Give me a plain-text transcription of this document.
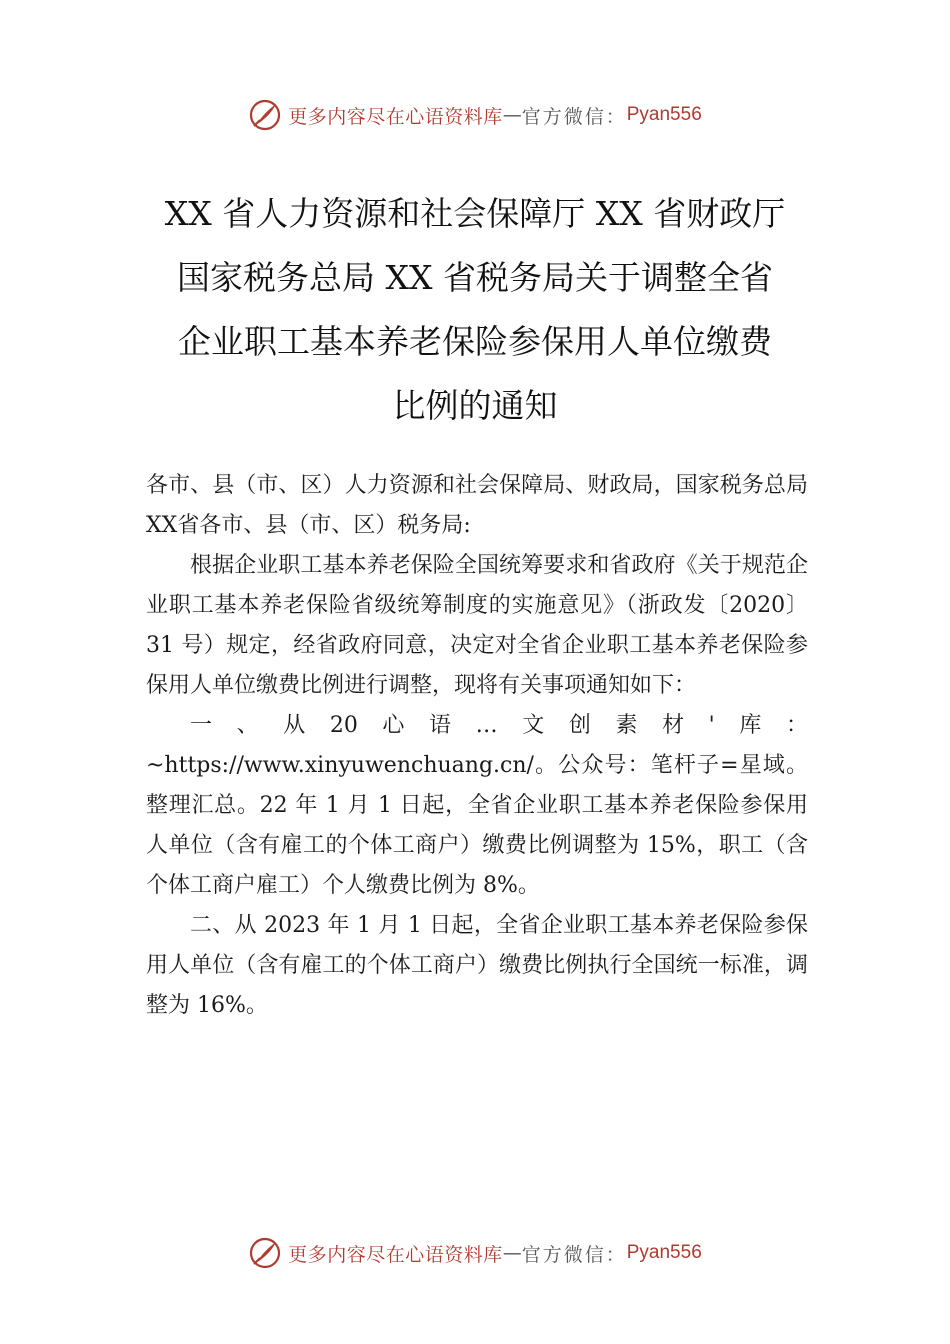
更多内容尽在心语资料库 — 官方微信： Pyan556
XX 省人力资源和社会保障厅 XX 省财政厅
国家税务总局 XX 省税务局关于调整全省
企业职工基本养老保险参保用人单位缴费
比例的通知

各市、县（市、区）人力资源和社会保障局、财政局，国家税务总局XX省各市、县（市、区）税务局:

根据企业职工基本养老保险全国统筹要求和省政府《关于规范企业职工基本养老保险省级统筹制度的实施意见》（浙政发〔2020〕31 号）规定，经省政府同意，决定对全省企业职工基本养老保险参保用人单位缴费比例进行调整，现将有关事项通知如下：

一 、 从 20 心 语 … 文 创 素 材 ' 库 ：

~https://www.xinyuwenchuang.cn/。公众号：笔杆子=星域。整理汇总。22 年 1 月 1 日起，全省企业职工基本养老保险参保用人单位（含有雇工的个体工商户）缴费比例调整为 15%，职工（含个体工商户雇工）个人缴费比例为 8%。

二、从 2023 年 1 月 1 日起，全省企业职工基本养老保险参保用人单位（含有雇工的个体工商户）缴费比例执行全国统一标准，调整为 16%。

更多内容尽在心语资料库 — 官方微信： Pyan556
